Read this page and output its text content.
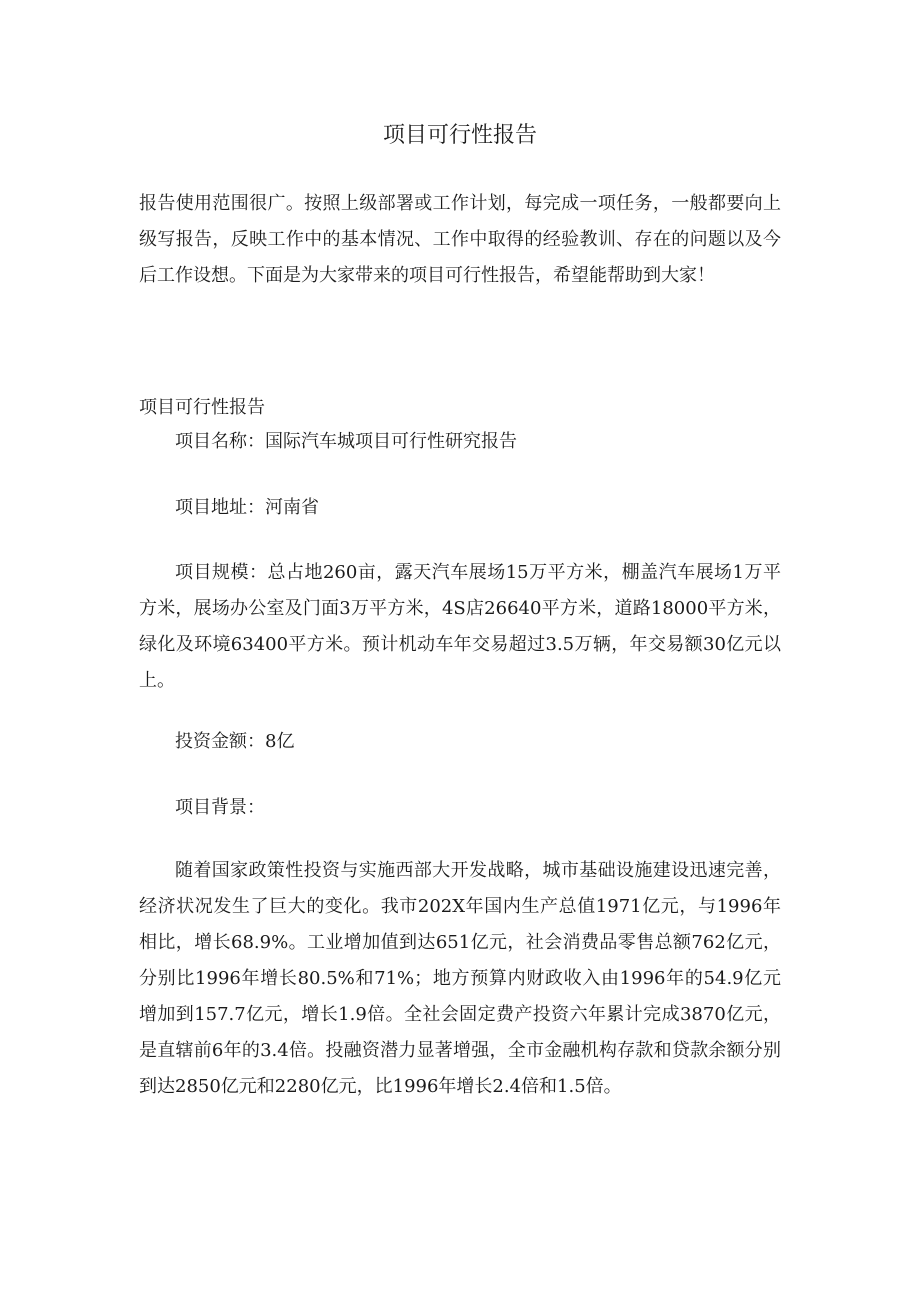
项目可行性报告

报告使用范围很广。按照上级部署或工作计划，每完成一项任务，一般都要向上级写报告，反映工作中的基本情况、工作中取得的经验教训、存在的问题以及今后工作设想。下面是为大家带来的项目可行性报告，希望能帮助到大家！

项目可行性报告

项目名称：国际汽车城项目可行性研究报告

项目地址：河南省

项目规模：总占地260亩，露天汽车展场15万平方米，棚盖汽车展场1万平方米，展场办公室及门面3万平方米，4S店26640平方米，道路18000平方米，绿化及环境63400平方米。预计机动车年交易超过3.5万辆，年交易额30亿元以上。

投资金额：8亿

项目背景：

随着国家政策性投资与实施西部大开发战略，城市基础设施建设迅速完善，经济状况发生了巨大的变化。我市202X年国内生产总值1971亿元，与1996年相比，增长68.9%。工业增加值到达651亿元，社会消费品零售总额762亿元，分别比1996年增长80.5%和71%；地方预算内财政收入由1996年的54.9亿元增加到157.7亿元，增长1.9倍。全社会固定费产投资六年累计完成3870亿元，是直辖前6年的3.4倍。投融资潜力显著增强，全市金融机构存款和贷款余额分别到达2850亿元和2280亿元，比1996年增长2.4倍和1.5倍。
